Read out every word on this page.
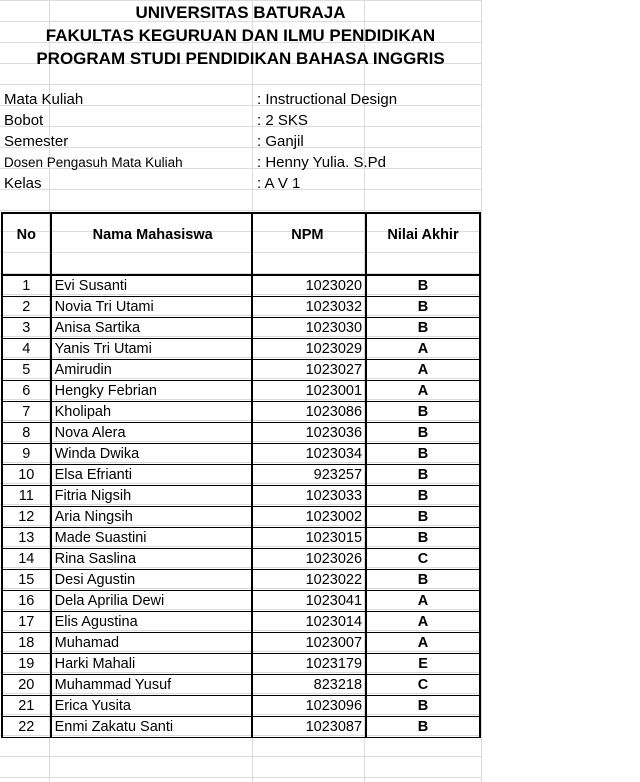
UNIVERSITAS BATURAJA
FAKULTAS KEGURUAN DAN ILMU PENDIDIKAN
PROGRAM STUDI PENDIDIKAN BAHASA INGGRIS
Mata Kuliah	: Instructional Design
Bobot	: 2 SKS
Semester	: Ganjil
Dosen Pengasuh Mata Kuliah	: Henny Yulia. S.Pd
Kelas	: A V 1
No	Nama Mahasiswa	NPM	Nilai Akhir

1	Evi Susanti	1023020	B
2	Novia Tri Utami	1023032	B
3	Anisa Sartika	1023030	B
4	Yanis Tri Utami	1023029	A
5	Amirudin	1023027	A
6	Hengky Febrian	1023001	A
7	Kholipah	1023086	B
8	Nova Alera	1023036	B
9	Winda Dwika	1023034	B
10	Elsa Efrianti	923257	B
11	Fitria Nigsih	1023033	B
12	Aria Ningsih	1023002	B
13	Made Suastini	1023015	B
14	Rina Saslina	1023026	C
15	Desi Agustin	1023022	B
16	Dela Aprilia Dewi	1023041	A
17	Elis Agustina	1023014	A
18	Muhamad	1023007	A
19	Harki Mahali	1023179	E
20	Muhammad Yusuf	823218	C
21	Erica Yusita	1023096	B
22	Enmi Zakatu Santi	1023087	B
